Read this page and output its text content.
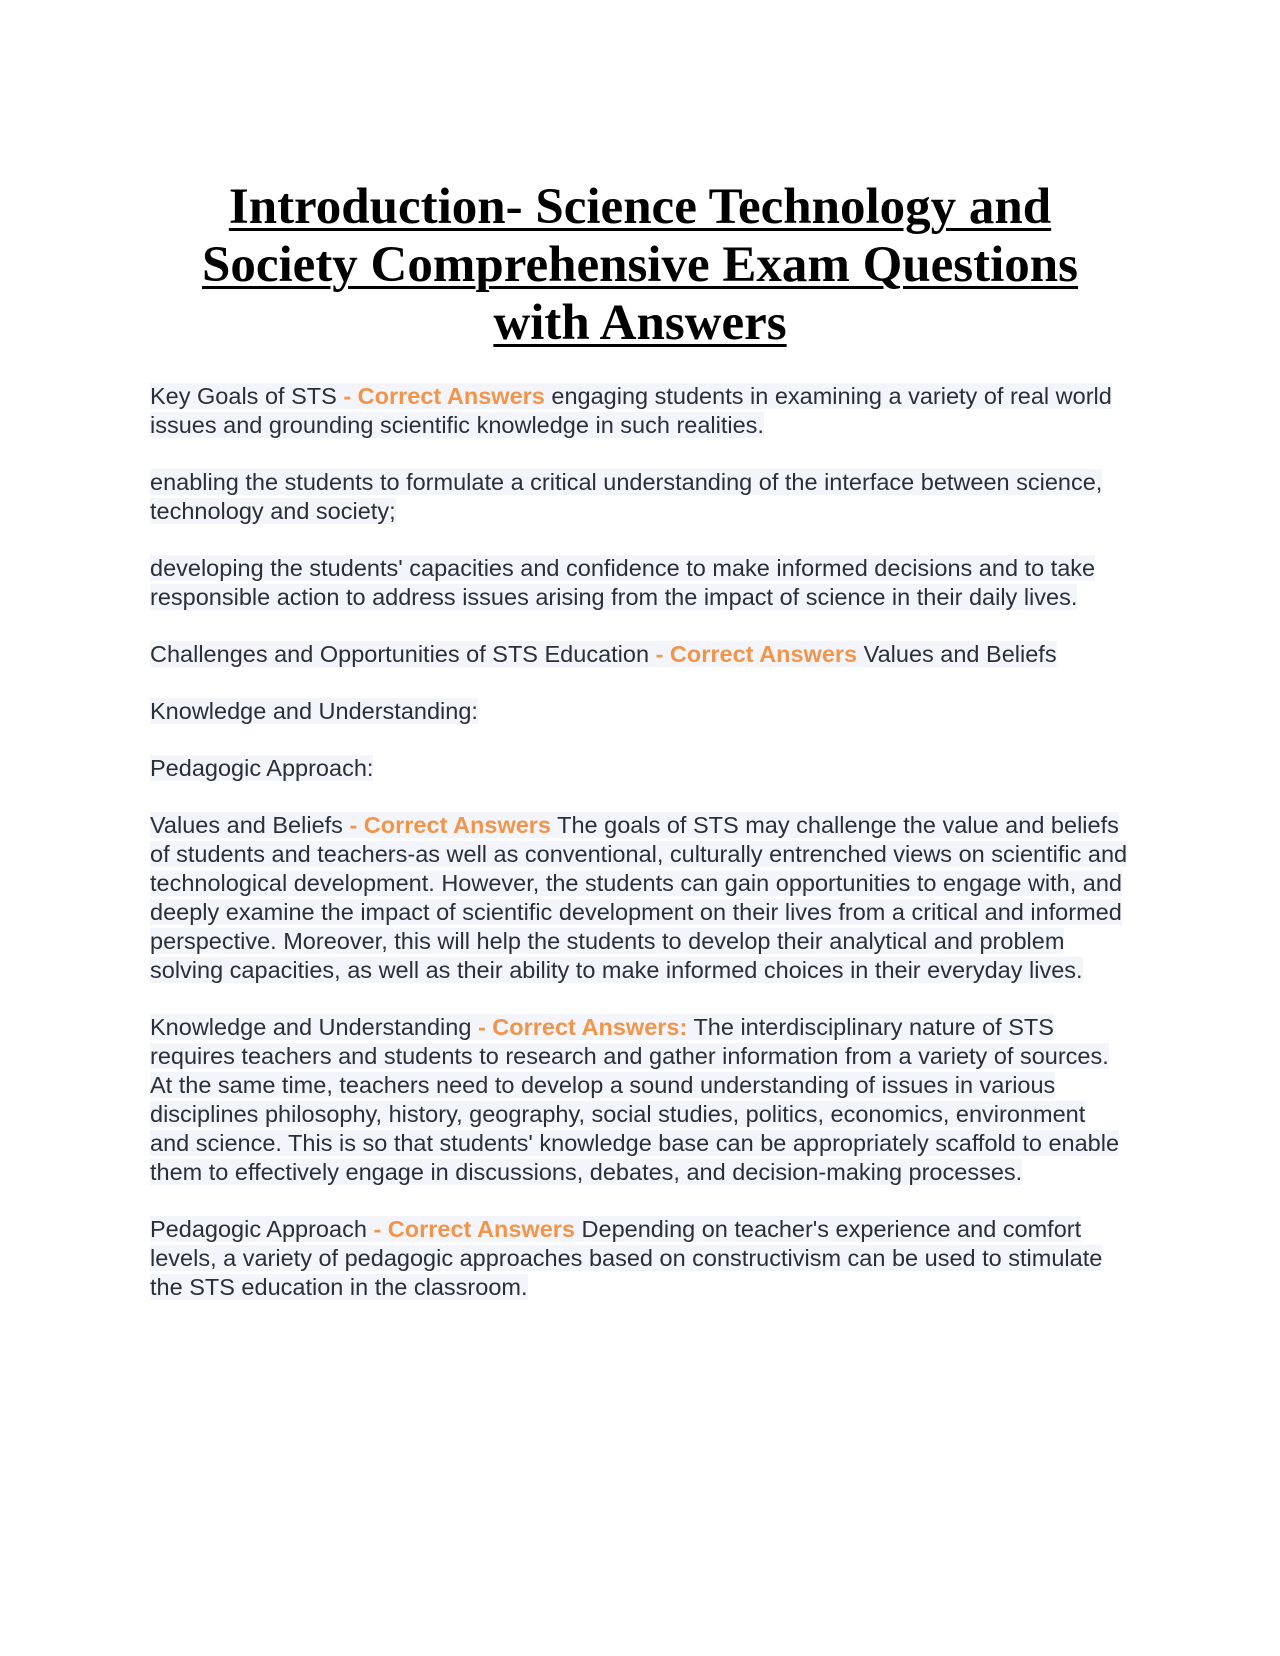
Introduction- Science Technology and Society Comprehensive Exam Questions with Answers

Key Goals of STS - Correct Answers engaging students in examining a variety of real world issues and grounding scientific knowledge in such realities.

enabling the students to formulate a critical understanding of the interface between science, technology and society;

developing the students' capacities and confidence to make informed decisions and to take responsible action to address issues arising from the impact of science in their daily lives.

Challenges and Opportunities of STS Education - Correct Answers Values and Beliefs

Knowledge and Understanding:

Pedagogic Approach:

Values and Beliefs - Correct Answers The goals of STS may challenge the value and beliefs of students and teachers-as well as conventional, culturally entrenched views on scientific and technological development. However, the students can gain opportunities to engage with, and deeply examine the impact of scientific development on their lives from a critical and informed perspective. Moreover, this will help the students to develop their analytical and problem solving capacities, as well as their ability to make informed choices in their everyday lives.

Knowledge and Understanding - Correct Answers: The interdisciplinary nature of STS requires teachers and students to research and gather information from a variety of sources. At the same time, teachers need to develop a sound understanding of issues in various disciplines philosophy, history, geography, social studies, politics, economics, environment and science. This is so that students' knowledge base can be appropriately scaffold to enable them to effectively engage in discussions, debates, and decision-making processes.

Pedagogic Approach - Correct Answers Depending on teacher's experience and comfort levels, a variety of pedagogic approaches based on constructivism can be used to stimulate the STS education in the classroom.
